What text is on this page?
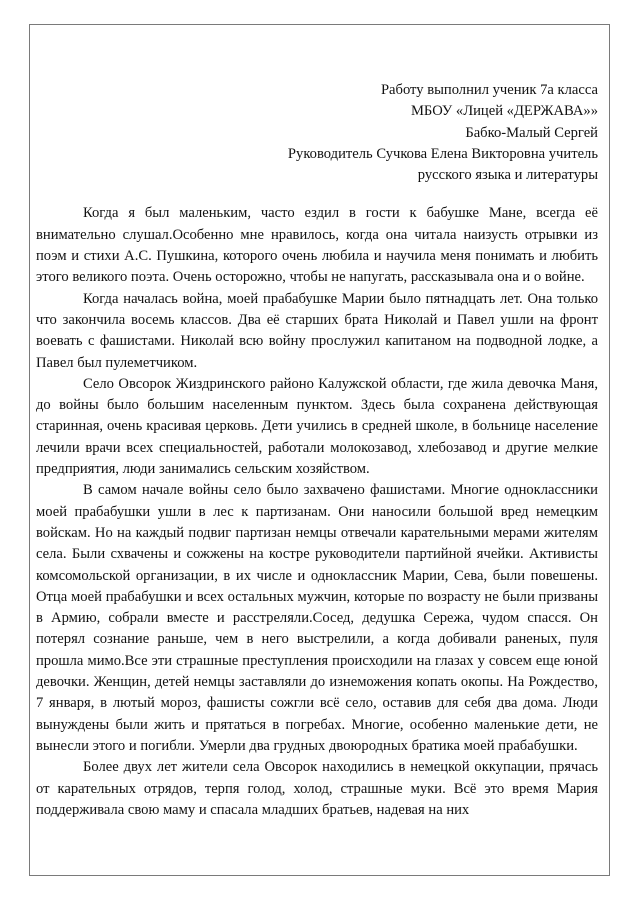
Работу выполнил ученик 7а класса
МБОУ «Лицей «ДЕРЖАВА»»
Бабко-Малый Сергей
Руководитель Сучкова Елена Викторовна учитель
русского языка и литературы

Когда я был маленьким, часто ездил в гости к бабушке Мане, всегда её внимательно слушал.Особенно мне нравилось, когда она читала наизусть отрывки из поэм и стихи А.С. Пушкина, которого очень любила и научила меня понимать и любить этого великого поэта. Очень осторожно, чтобы не напугать, рассказывала она и о войне.

Когда началась война, моей прабабушке Марии было пятнадцать лет. Она только что закончила восемь классов. Два её старших брата Николай и Павел ушли на фронт воевать с фашистами. Николай всю войну прослужил капитаном на подводной лодке, а Павел был пулеметчиком.

Село Овсорок Жиздринского районо Калужской области, где жила девочка Маня, до войны было большим населенным пунктом. Здесь была сохранена действующая старинная, очень красивая церковь. Дети учились в средней школе, в больнице население лечили врачи всех специальностей, работали молокозавод, хлебозавод и другие мелкие предприятия, люди занимались сельским хозяйством.

В самом начале войны село было захвачено фашистами. Многие одноклассники моей прабабушки ушли в лес к партизанам. Они наносили большой вред немецким войскам. Но на каждый подвиг партизан немцы отвечали карательными мерами жителям села. Были схвачены и сожжены на костре руководители партийной ячейки. Активисты комсомольской организации, в их числе и одноклассник Марии, Сева, были повешены. Отца моей прабабушки и всех остальных мужчин, которые по возрасту не были призваны в Армию, собрали вместе и расстреляли.Сосед, дедушка Сережа, чудом спасся. Он потерял сознание раньше, чем в него выстрелили, а когда добивали раненых, пуля прошла мимо.Все эти страшные преступления происходили на глазах у совсем еще юной девочки. Женщин, детей немцы заставляли до изнеможения копать окопы. На Рождество, 7 января, в лютый мороз, фашисты сожгли всё село, оставив для себя два дома. Люди вынуждены были жить и прятаться в погребах. Многие, особенно маленькие дети, не вынесли этого и погибли. Умерли два грудных двоюродных братика моей прабабушки.

Более двух лет жители села Овсорок находились в немецкой оккупации, прячась от карательных отрядов, терпя голод, холод, страшные муки. Всё это время Мария поддерживала свою маму и спасала младших братьев, надевая на них
